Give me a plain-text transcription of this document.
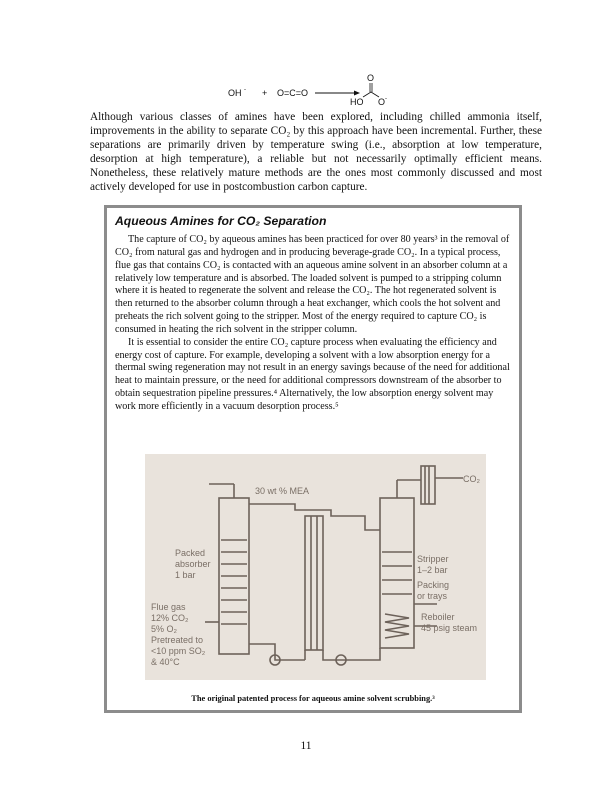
OH - + O=C=O
O
HO O -

Although various classes of amines have been explored, including chilled ammonia itself, improvements in the ability to separate CO₂ by this approach have been incremental. Further, these separations are primarily driven by temperature swing (i.e., absorption at low temperature, desorption at high temperature), a reliable but not necessarily optimally efficient means. Nonetheless, these relatively mature methods are the ones most commonly discussed and most actively developed for use in postcombustion carbon capture.

Aqueous Amines for CO₂ Separation

The capture of CO₂ by aqueous amines has been practiced for over 80 years³ in the removal of CO₂ from natural gas and hydrogen and in producing beverage-grade CO₂. In a typical process, flue gas that contains CO₂ is contacted with an aqueous amine solvent in an absorber column at a relatively low temperature and is absorbed. The loaded solvent is pumped to a stripping column where it is heated to regenerate the solvent and release the CO₂. The hot regenerated solvent is then returned to the absorber column through a heat exchanger, which cools the hot solvent and preheats the rich solvent going to the stripper. Most of the energy required to capture CO₂ is consumed in heating the rich solvent in the stripper column.

It is essential to consider the entire CO₂ capture process when evaluating the efficiency and energy cost of capture. For example, developing a solvent with a low absorption energy for a thermal swing regeneration may not result in an energy savings because of the need for additional heat to maintain pressure, or the need for additional compressors downstream of the absorber to obtain sequestration pipeline pressures.⁴ Alternatively, the low absorption energy solvent may work more efficiently in a vacuum desorption process.⁵

30 wt % MEA
CO₂
Packed
absorber
1 bar
Stripper
1–2 bar
Packing
or trays
Reboiler
45 psig steam
Flue gas
12% CO₂
5% O₂
Pretreated to
<10 ppm SO₂
& 40°C

The original patented process for aqueous amine solvent scrubbing.³

11
